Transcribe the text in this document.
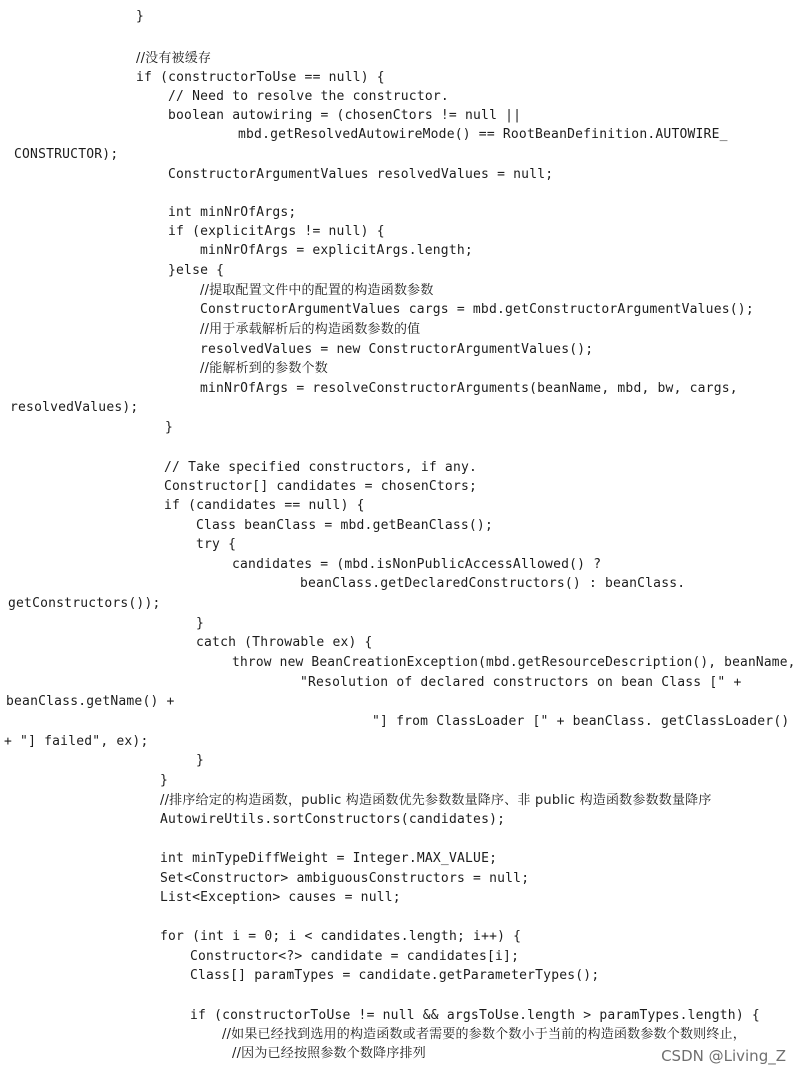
}
//没有被缓存
if (constructorToUse == null) {
// Need to resolve the constructor.
boolean autowiring = (chosenCtors != null ||
mbd.getResolvedAutowireMode() == RootBeanDefinition.AUTOWIRE_
CONSTRUCTOR);
ConstructorArgumentValues resolvedValues = null;
int minNrOfArgs;
if (explicitArgs != null) {
minNrOfArgs = explicitArgs.length;
}else {
//提取配置文件中的配置的构造函数参数
ConstructorArgumentValues cargs = mbd.getConstructorArgumentValues();
//用于承载解析后的构造函数参数的值
resolvedValues = new ConstructorArgumentValues();
//能解析到的参数个数
minNrOfArgs = resolveConstructorArguments(beanName, mbd, bw, cargs,
resolvedValues);
}
// Take specified constructors, if any.
Constructor[] candidates = chosenCtors;
if (candidates == null) {
Class beanClass = mbd.getBeanClass();
try {
candidates = (mbd.isNonPublicAccessAllowed() ?
beanClass.getDeclaredConstructors() : beanClass.
getConstructors());
}
catch (Throwable ex) {
throw new BeanCreationException(mbd.getResourceDescription(), beanName,
"Resolution of declared constructors on bean Class [" +
beanClass.getName() +
"] from ClassLoader [" + beanClass. getClassLoader()
+ "] failed", ex);
}
}
//排序给定的构造函数，public 构造函数优先参数数量降序、非 public 构造函数参数数量降序
AutowireUtils.sortConstructors(candidates);
int minTypeDiffWeight = Integer.MAX_VALUE;
Set<Constructor> ambiguousConstructors = null;
List<Exception> causes = null;
for (int i = 0; i < candidates.length; i++) {
Constructor<?> candidate = candidates[i];
Class[] paramTypes = candidate.getParameterTypes();
if (constructorToUse != null && argsToUse.length > paramTypes.length) {
//如果已经找到选用的构造函数或者需要的参数个数小于当前的构造函数参数个数则终止，
//因为已经按照参数个数降序排列	CSDN @Living_Z
